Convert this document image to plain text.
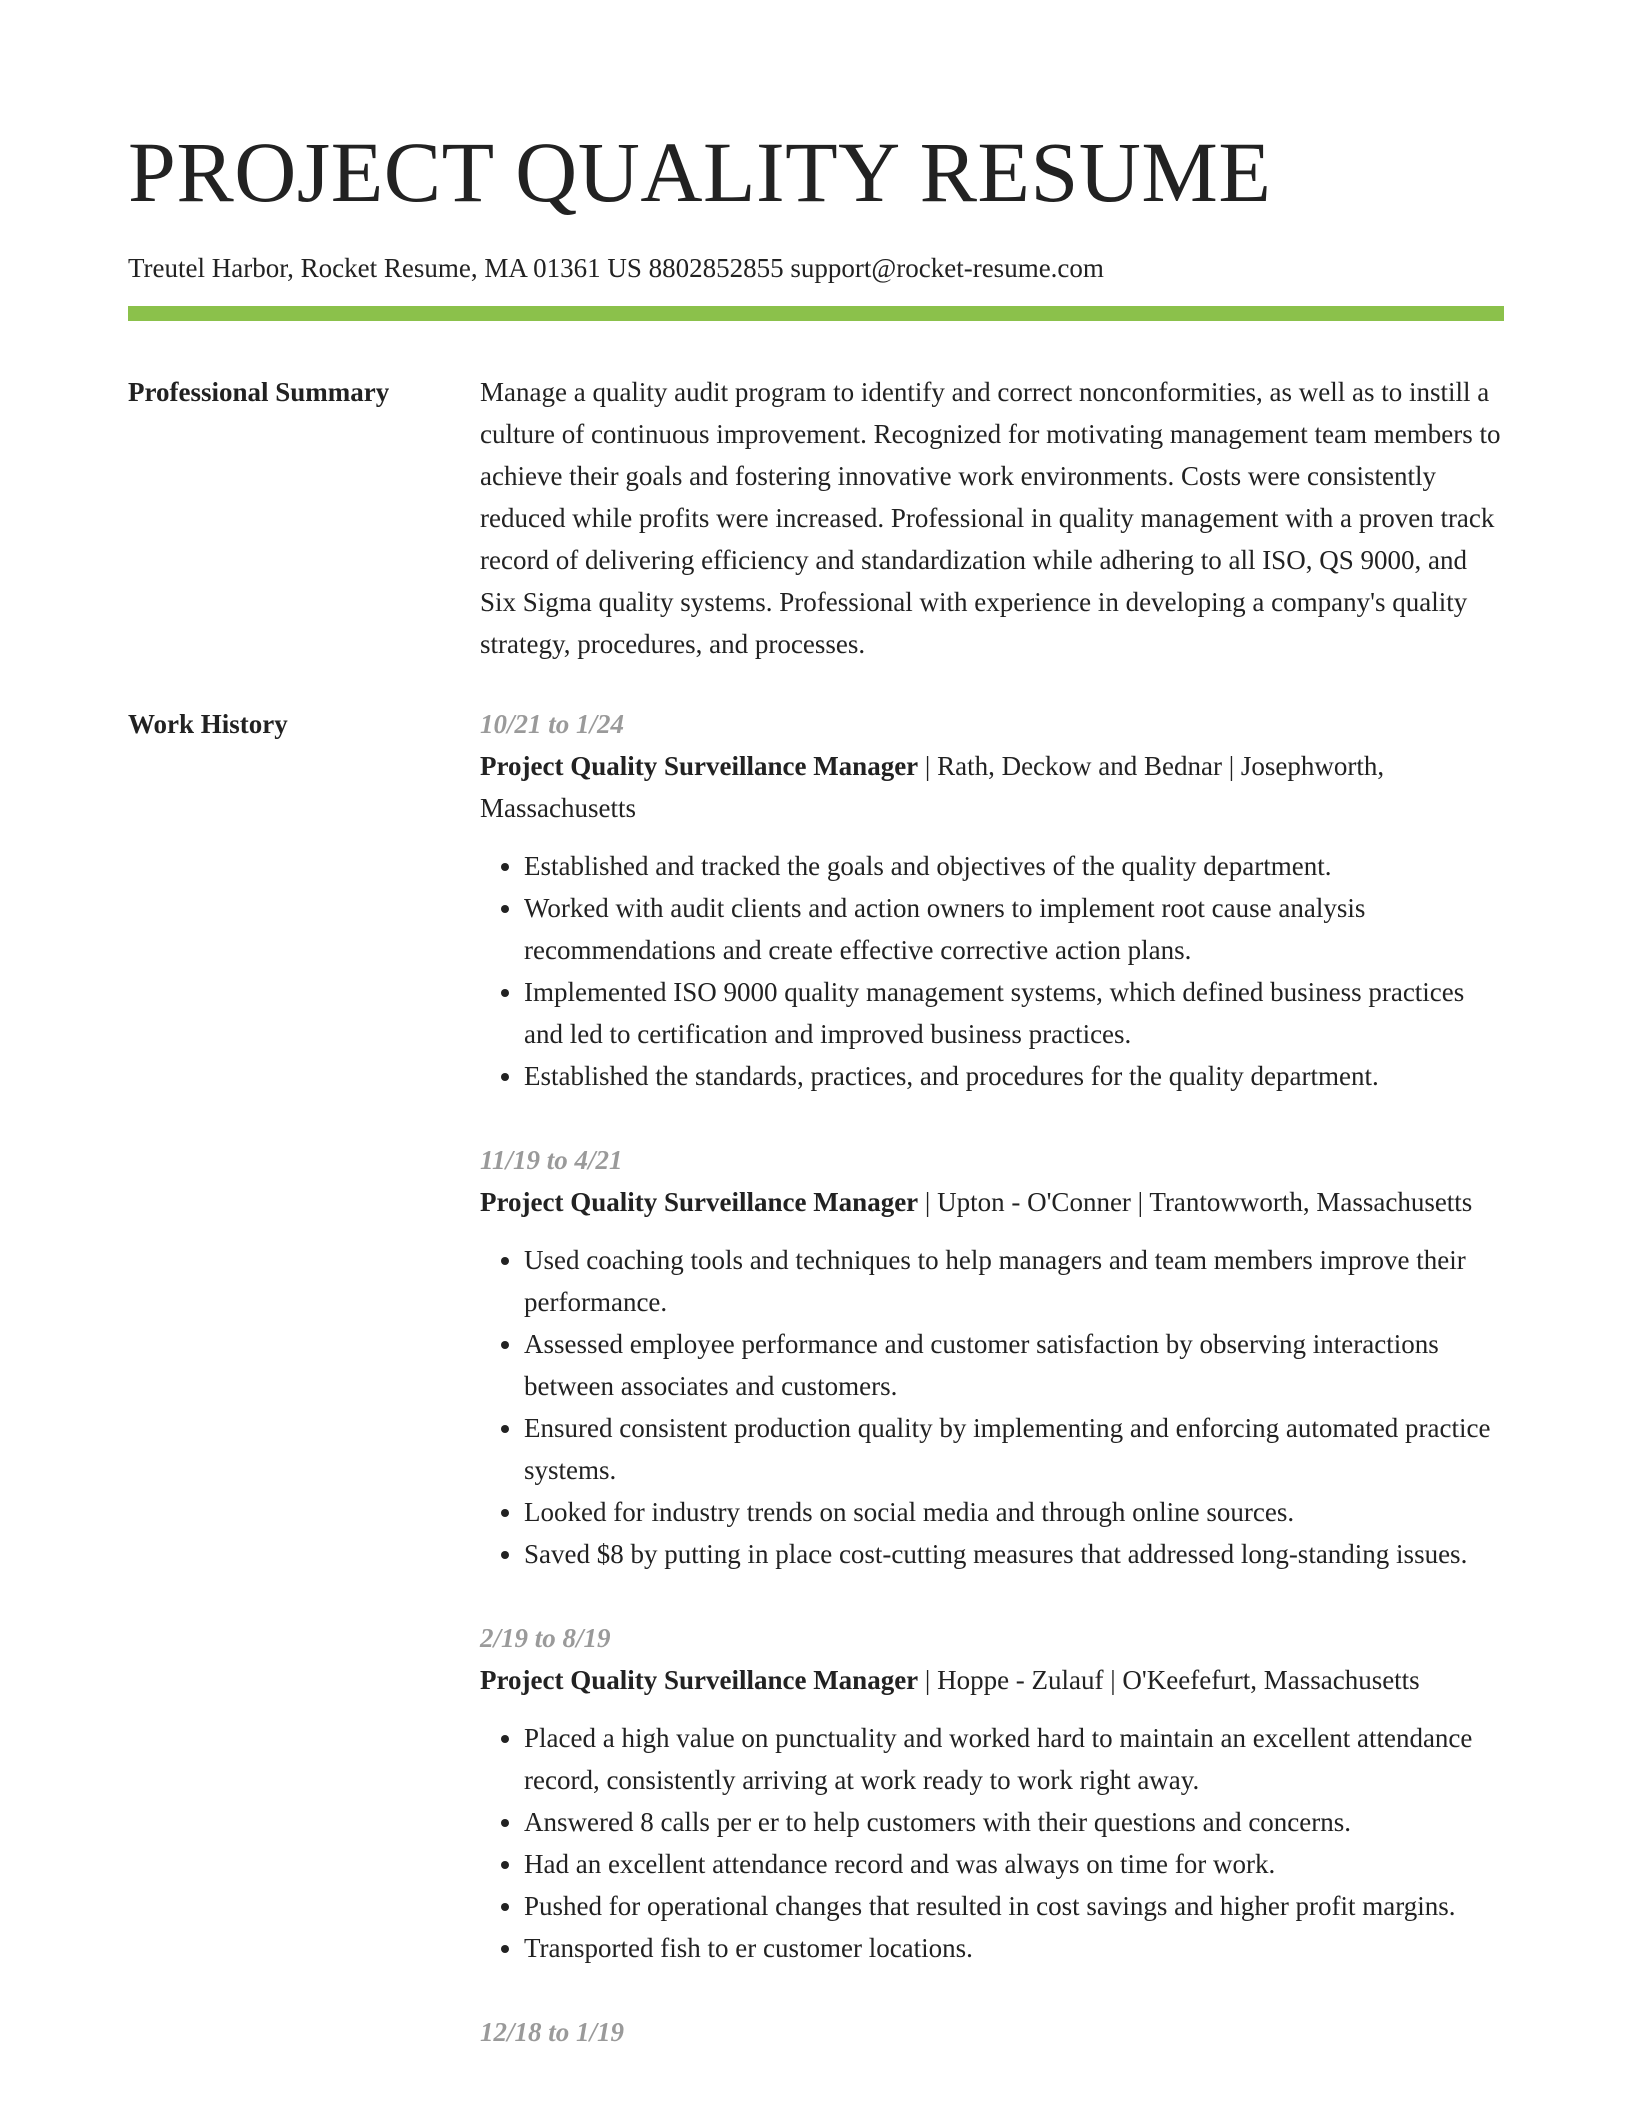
PROJECT QUALITY RESUME
Treutel Harbor, Rocket Resume, MA 01361 US 8802852855 support@rocket-resume.com
Professional Summary	Manage a quality audit program to identify and correct nonconformities, as well as to instill a culture of continuous improvement. Recognized for motivating management team members to achieve their goals and fostering innovative work environments. Costs were consistently reduced while profits were increased. Professional in quality management with a proven track record of delivering efficiency and standardization while adhering to all ISO, QS 9000, and Six Sigma quality systems. Professional with experience in developing a company's quality strategy, procedures, and processes.

Work History	10/21 to 1/24
Project Quality Surveillance Manager | Rath, Deckow and Bednar | Josephworth, Massachusetts
• Established and tracked the goals and objectives of the quality department.
• Worked with audit clients and action owners to implement root cause analysis recommendations and create effective corrective action plans.
• Implemented ISO 9000 quality management systems, which defined business practices and led to certification and improved business practices.
• Established the standards, practices, and procedures for the quality department.
11/19 to 4/21
Project Quality Surveillance Manager | Upton - O'Conner | Trantowworth, Massachusetts
• Used coaching tools and techniques to help managers and team members improve their performance.
• Assessed employee performance and customer satisfaction by observing interactions between associates and customers.
• Ensured consistent production quality by implementing and enforcing automated practice systems.
• Looked for industry trends on social media and through online sources.
• Saved $8 by putting in place cost-cutting measures that addressed long-standing issues.
2/19 to 8/19
Project Quality Surveillance Manager | Hoppe - Zulauf | O'Keefefurt, Massachusetts
• Placed a high value on punctuality and worked hard to maintain an excellent attendance record, consistently arriving at work ready to work right away.
• Answered 8 calls per er to help customers with their questions and concerns.
• Had an excellent attendance record and was always on time for work.
• Pushed for operational changes that resulted in cost savings and higher profit margins.
• Transported fish to er customer locations.
12/18 to 1/19
